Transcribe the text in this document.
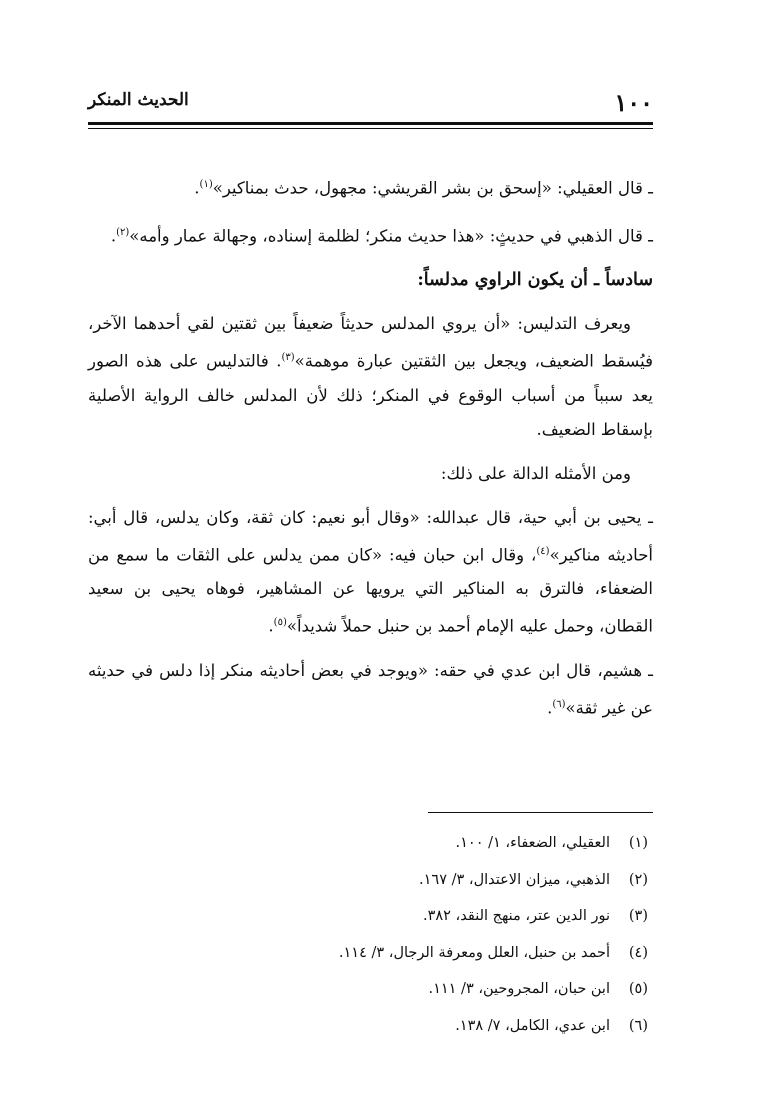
١٠٠
الحديث المنكر

ـ قال العقيلي: «إسحق بن بشر القريشي: مجهول، حدث بمناكير»$^{(١)}$.

ـ قال الذهبي في حديثٍ: «هذا حديث منكر؛ لظلمة إسناده، وجهالة عمار وأمه»$^{(٢)}$.

سادساً ـ أن يكون الراوي مدلساً:

ويعرف التدليس: «أن يروي المدلس حديثاً ضعيفاً بين ثقتين لقي أحدهما الآخر، فيُسقط الضعيف، ويجعل بين الثقتين عبارة موهمة»$^{(٣)}$. فالتدليس على هذه الصور يعد سبباً من أسباب الوقوع في المنكر؛ ذلك لأن المدلس خالف الرواية الأصلية بإسقاط الضعيف.

ومن الأمثله الدالة على ذلك:

ـ يحيى بن أبي حية، قال عبدالله: «وقال أبو نعيم: كان ثقة، وكان يدلس، قال أبي: أحاديثه مناكير»$^{(٤)}$، وقال ابن حبان فيه: «كان ممن يدلس على الثقات ما سمع من الضعفاء، فالترق به المناكير التي يرويها عن المشاهير، فوهاه يحيى بن سعيد القطان، وحمل عليه الإمام أحمد بن حنبل حملاً شديداً»$^{(٥)}$.

ـ هشيم، قال ابن عدي في حقه: «ويوجد في بعض أحاديثه منكر إذا دلس في حديثه عن غير ثقة»$^{(٦)}$.

(١)العقيلي، الضعفاء، ١/ ١٠٠.
(٢)الذهبي، ميزان الاعتدال، ٣/ ١٦٧.
(٣)نور الدين عتر، منهج النقد، ٣٨٢.
(٤)أحمد بن حنبل، العلل ومعرفة الرجال، ٣/ ١١٤.
(٥)ابن حبان، المجروحين، ٣/ ١١١.
(٦)ابن عدي، الكامل، ٧/ ١٣٨.
